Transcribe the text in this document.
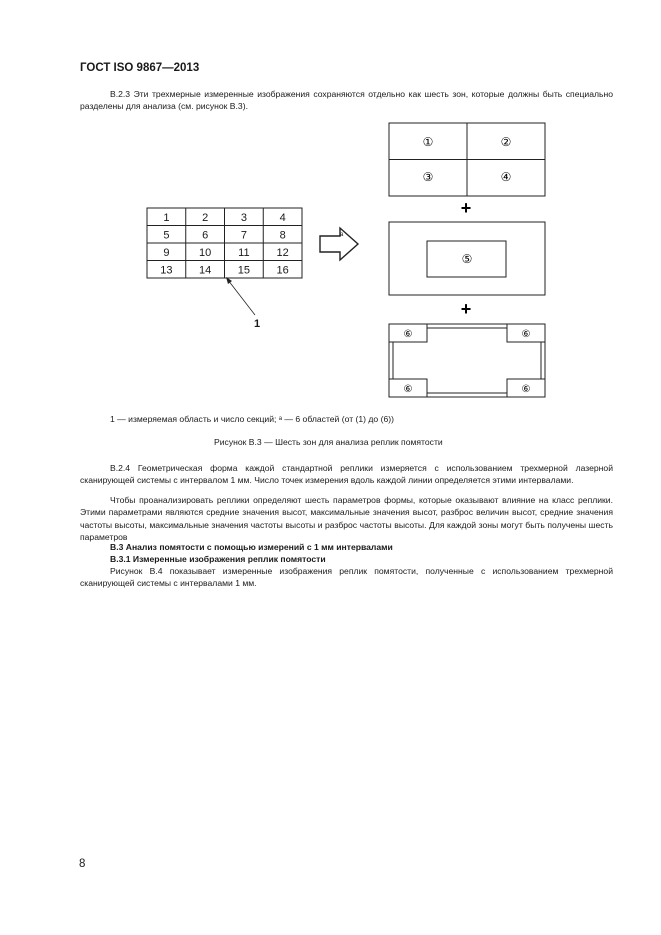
ГОСТ ISO 9867—2013
В.2.3 Эти трехмерные измеренные изображения сохраняются отдельно как шесть зон, которые должны быть специально разделены для анализа (см. рисунок В.3).
1	2	3	4
5	6	7	8
9	10 11 12
13 14 15 16
1
а
①	②
③	④
+
⑤
+
⑥	⑥
⑥	⑥
1 — измеряемая область и число секций; ᵃ — 6 областей (от (1) до (6))
Рисунок В.3 — Шесть зон для анализа реплик помятости
В.2.4 Геометрическая форма каждой стандартной реплики измеряется с использованием трехмерной лазерной сканирующей системы с интервалом 1 мм. Число точек измерения вдоль каждой линии определяется этими интервалами.
Чтобы проанализировать реплики определяют шесть параметров формы, которые оказывают влияние на класс реплики. Этими параметрами являются средние значения высот, максимальные значения высот, разброс величин высот, средние значения частоты высоты, максимальные значения частоты высоты и разброс частоты высоты. Для каждой зоны могут быть получены шесть параметров
В.3 Анализ помятости с помощью измерений с 1 мм интервалами
В.3.1 Измеренные изображения реплик помятости
Рисунок В.4 показывает измеренные изображения реплик помятости, полученные с использованием трехмерной сканирующей системы с интервалами 1 мм.
8
